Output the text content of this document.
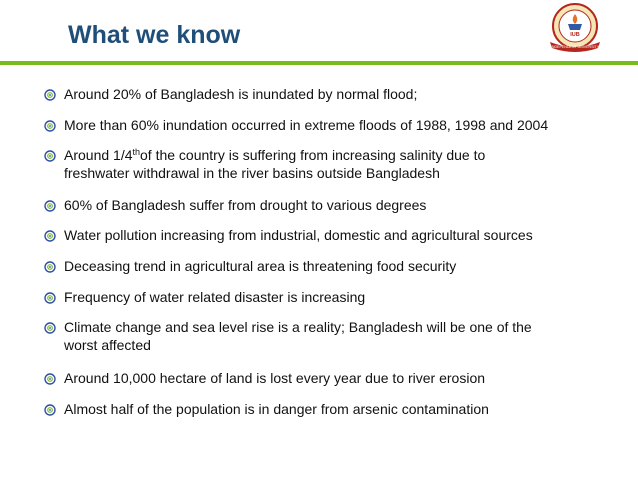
What we know	IUB
INDEPENDENT UNIVERSITY
Around 20% of Bangladesh is inundated by normal flood;
More than 60% inundation occurred in extreme floods of 1988, 1998 and 2004
Around 1/4thof the country is suffering from increasing salinity due to
freshwater withdrawal in the river basins outside Bangladesh
60% of Bangladesh suffer from drought to various degrees
Water pollution increasing from industrial, domestic and agricultural sources
Deceasing trend in agricultural area is threatening food security
Frequency of water related disaster is increasing
Climate change and sea level rise is a reality; Bangladesh will be one of the
worst affected
Around 10,000 hectare of land is lost every year due to river erosion
Almost half of the population is in danger from arsenic contamination
